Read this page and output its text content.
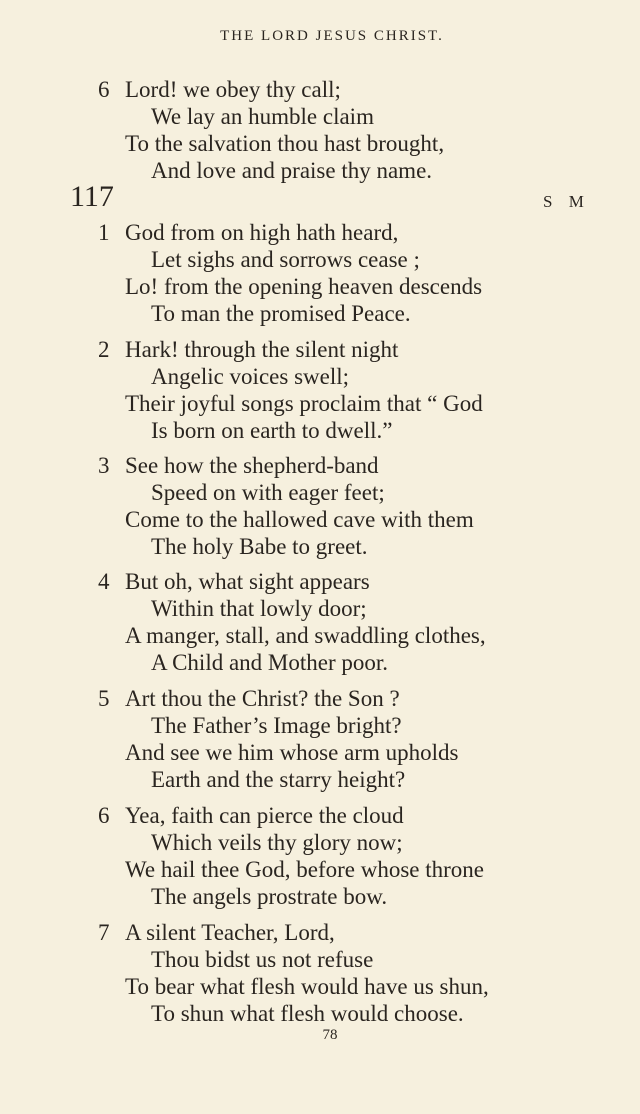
THE LORD JESUS CHRIST.
6 Lord! we obey thy call;
We lay an humble claim
To the salvation thou hast brought,
And love and praise thy name.
117	S M
1 God from on high hath heard,
Let sighs and sorrows cease ;
Lo! from the opening heaven descends
To man the promised Peace.
2 Hark! through the silent night
Angelic voices swell;
Their joyful songs proclaim that “ God
Is born on earth to dwell.”
3 See how the shepherd-band
Speed on with eager feet;
Come to the hallowed cave with them
The holy Babe to greet.
4 But oh, what sight appears
Within that lowly door;
A manger, stall, and swaddling clothes,
A Child and Mother poor.
5 Art thou the Christ? the Son ?
The Father’s Image bright?
And see we him whose arm upholds
Earth and the starry height?
6 Yea, faith can pierce the cloud
Which veils thy glory now;
We hail thee God, before whose throne
The angels prostrate bow.
7 A silent Teacher, Lord,
Thou bidst us not refuse
To bear what flesh would have us shun,
To shun what flesh would choose.
78
